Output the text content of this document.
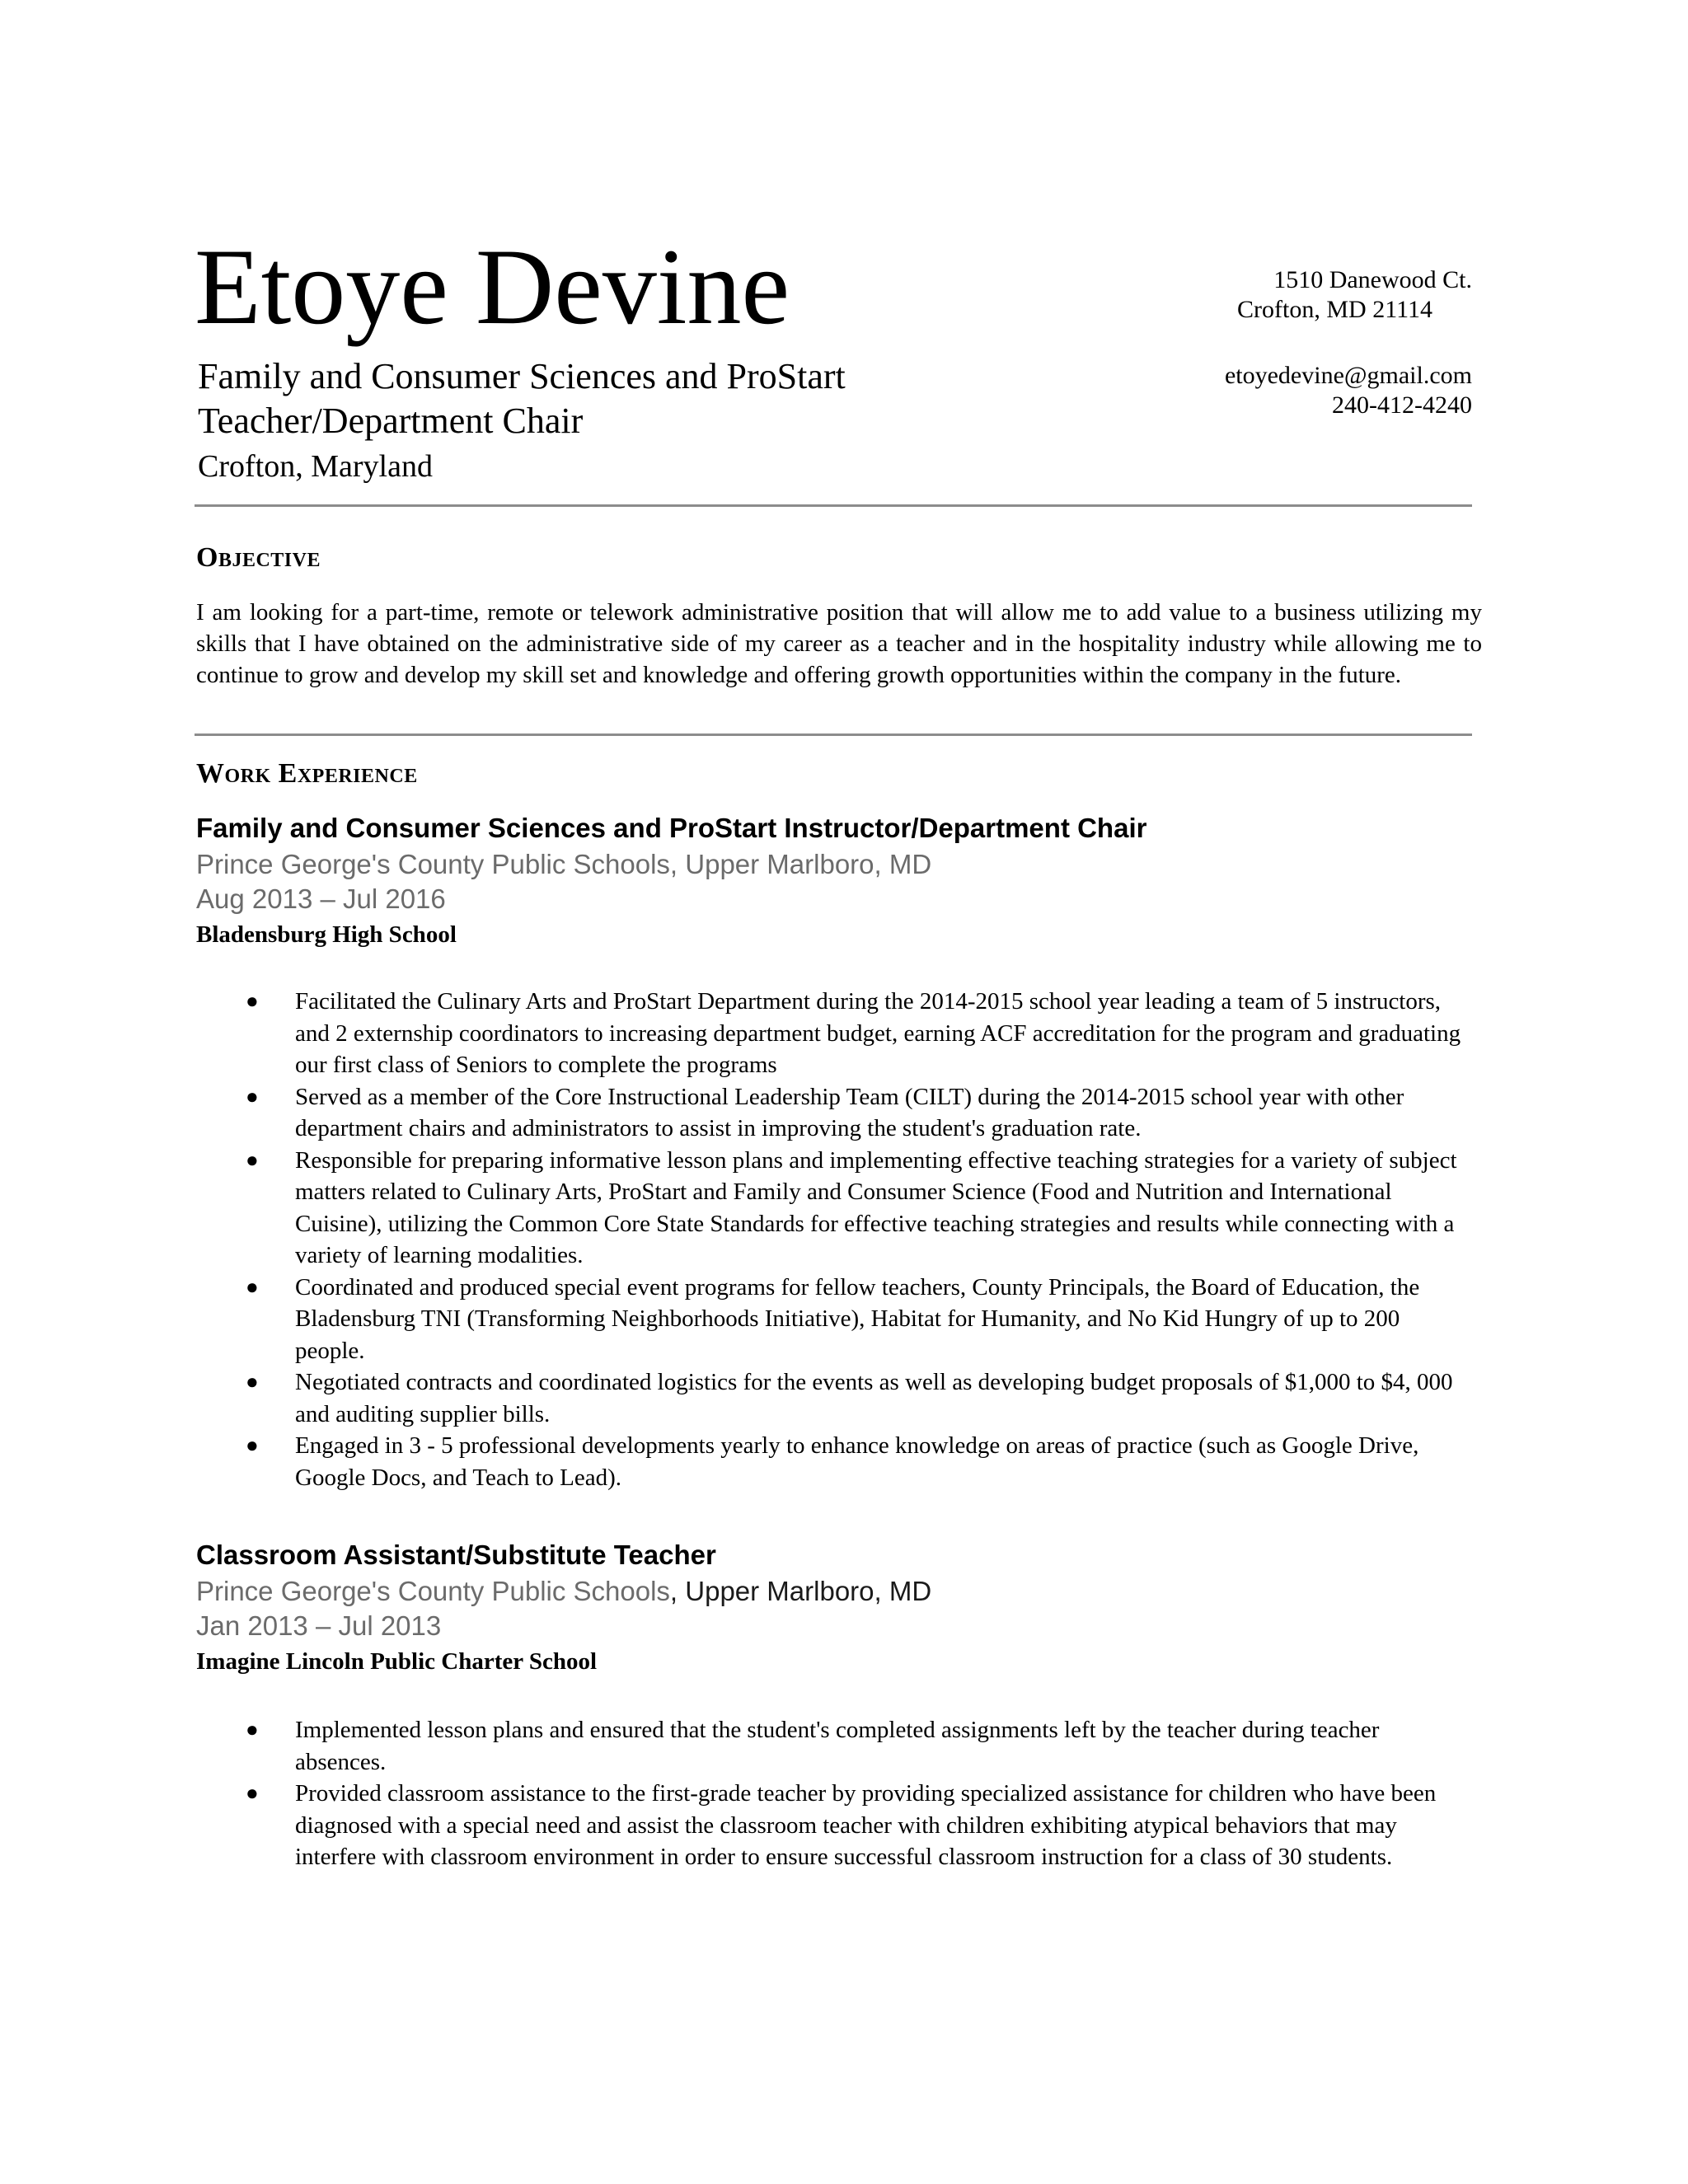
Etoye Devine
Family and Consumer Sciences and ProStart
Teacher/Department Chair
Crofton, Maryland
1510 Danewood Ct.
Crofton, MD 21114
etoyedevine@gmail.com
240-412-4240
Objective
I am looking for a part-time, remote or telework administrative position that will allow me to add value to a business utilizing my skills that I have obtained on the administrative side of my career as a teacher and in the hospitality industry while allowing me to continue to grow and develop my skill set and knowledge and offering growth opportunities within the company in the future.
Work Experience
Family and Consumer Sciences and ProStart Instructor/Department Chair
Prince George's County Public Schools, Upper Marlboro, MD
Aug 2013 – Jul 2016
Bladensburg High School
● Facilitated the Culinary Arts and ProStart Department during the 2014-2015 school year leading a team of 5 instructors, and 2 externship coordinators to increasing department budget, earning ACF accreditation for the program and graduating our first class of Seniors to complete the programs
● Served as a member of the Core Instructional Leadership Team (CILT) during the 2014-2015 school year with other department chairs and administrators to assist in improving the student's graduation rate.
● Responsible for preparing informative lesson plans and implementing effective teaching strategies for a variety of subject matters related to Culinary Arts, ProStart and Family and Consumer Science (Food and Nutrition and International Cuisine), utilizing the Common Core State Standards for effective teaching strategies and results while connecting with a variety of learning modalities.
● Coordinated and produced special event programs for fellow teachers, County Principals, the Board of Education, the Bladensburg TNI (Transforming Neighborhoods Initiative), Habitat for Humanity, and No Kid Hungry of up to 200 people.
● Negotiated contracts and coordinated logistics for the events as well as developing budget proposals of $1,000 to $4, 000 and auditing supplier bills.
● Engaged in 3 - 5 professional developments yearly to enhance knowledge on areas of practice (such as Google Drive, Google Docs, and Teach to Lead).
Classroom Assistant/Substitute Teacher
Prince George's County Public Schools, Upper Marlboro, MD
Jan 2013 – Jul 2013
Imagine Lincoln Public Charter School
● Implemented lesson plans and ensured that the student's completed assignments left by the teacher during teacher absences.
● Provided classroom assistance to the first-grade teacher by providing specialized assistance for children who have been diagnosed with a special need and assist the classroom teacher with children exhibiting atypical behaviors that may interfere with classroom environment in order to ensure successful classroom instruction for a class of 30 students.
